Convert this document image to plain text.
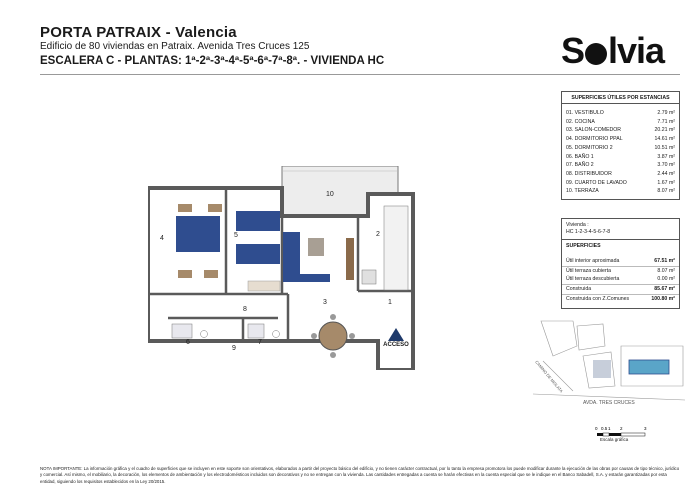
PORTA PATRAIX - Valencia
Edificio de 80 viviendas en Patraix. Avenida Tres Cruces 125
ESCALERA C - PLANTAS: 1ª-2ª-3ª-4ª-5ª-6ª-7ª-8ª. - VIVIENDA HC	S lvia
SUPERFICIES ÚTILES POR ESTANCIAS
01. VESTIBULO	2.79 m²
02. COCINA	7.71 m²
03. SALON-COMEDOR	20.21 m²
04. DORMITORIO PPAL	14.61 m²
05. DORMITORIO 2	10.51 m²
06. BAÑO 1	3.87 m²
07. BAÑO 2	3.70 m²
08. DISTRIBUIDOR	2.44 m²
09. CUARTO DE LAVADO	1.67 m²
10. TERRAZA	8.07 m²
Vivienda :
HC 1-2-3-4-5-6-7-8
SUPERFICIES
Útil interior aproximada	67.51 m²
Útil terraza cubierta	8.07 m²
Útil terraza descubierta	0.00 m²
Construida	85.67 m²
Construida con Z.Comunes	100.80 m²
1
2
3
4	5
6	7
8
9
10
ACCESO
AVDA. TRES CRUCES
CAMINO DE MISLATA
0 0.5 1 2	3
Escala gráfica
NOTA IMPORTANTE: La información gráfica y el cuadro de superficies que se incluyen en este soporte son orientativos, elaborados a partir del proyecto básico del edificio, y no tienen carácter contractual, por lo tanto la empresa promotora los puede modificar durante la ejecución de las obras por causas de tipo técnico, jurídico y comercial. Así mismo, el mobiliario, la decoración, los elementos de ambientación y los electrodomésticos incluidos son decorativos y no se entregan con la vivienda. Las cantidades entregadas a cuenta se harán efectivas en la cuenta especial que se le indique en el Banco Sabadell, S.A. y estarán garantizadas por esta entidad, siguiendo los requisitos establecidos en la Ley 20/2015.
